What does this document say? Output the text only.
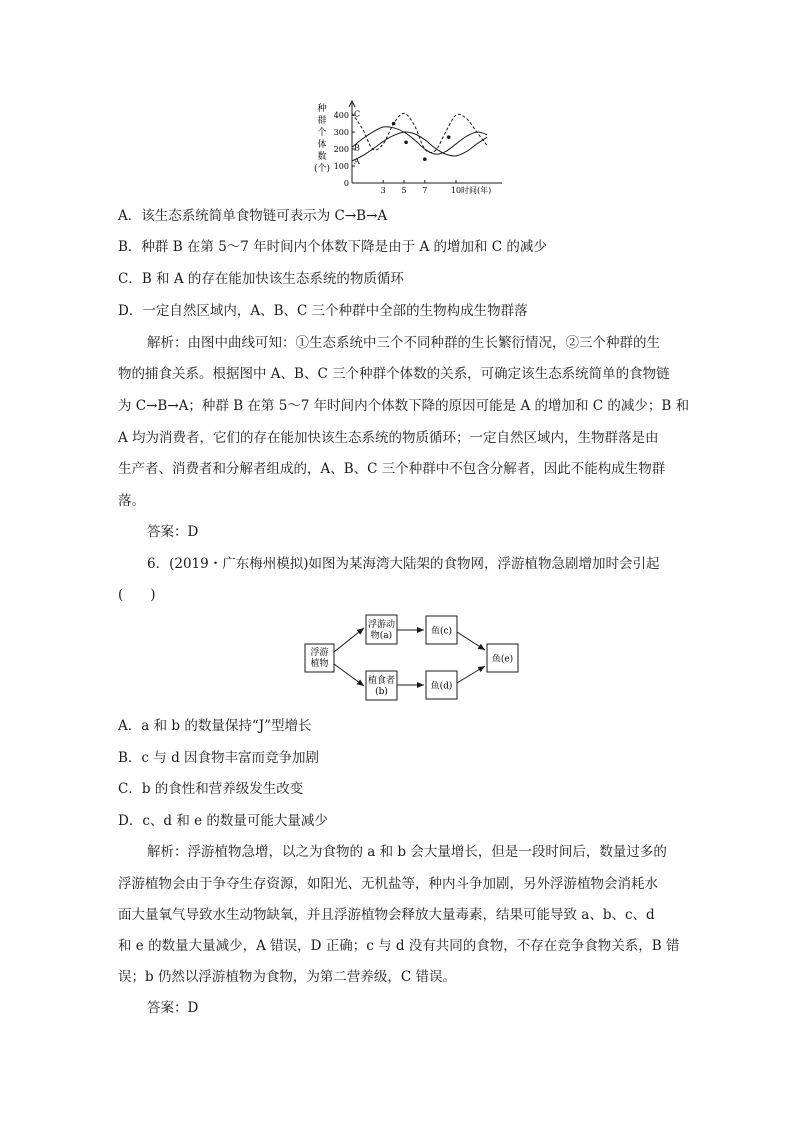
种
群
个
体
数
(个)
A
B
C
400
300
200
100
0
3 5 7	10 时间(年)
A．该生态系统简单食物链可表示为 C→B→A
B．种群 B 在第 5～7 年时间内个体数下降是由于 A 的增加和 C 的减少
C．B 和 A 的存在能加快该生态系统的物质循环
D．一定自然区域内，A、B、C 三个种群中全部的生物构成生物群落
解析：由图中曲线可知：①生态系统中三个不同种群的生长繁衍情况，②三个种群的生
物的捕食关系。根据图中 A、B、C 三个种群个体数的关系，可确定该生态系统简单的食物链
为 C→B→A；种群 B 在第 5～7 年时间内个体数下降的原因可能是 A 的增加和 C 的减少；B 和
A 均为消费者，它们的存在能加快该生态系统的物质循环；一定自然区域内，生物群落是由
生产者、消费者和分解者组成的，A、B、C 三个种群中不包含分解者，因此不能构成生物群
落。
答案：D
6．(2019・广东梅州模拟)如图为某海湾大陆架的食物网，浮游植物急剧增加时会引起
(　　)
浮游
植物
浮游动
物(a)
植食者
(b)
鱼(c)
鱼(d)
鱼(e)
A．a 和 b 的数量保持“J”型增长
B．c 与 d 因食物丰富而竞争加剧
C．b 的食性和营养级发生改变
D．c、d 和 e 的数量可能大量减少
解析：浮游植物急增，以之为食物的 a 和 b 会大量增长，但是一段时间后，数量过多的
浮游植物会由于争夺生存资源，如阳光、无机盐等，种内斗争加剧，另外浮游植物会消耗水
面大量氧气导致水生动物缺氧，并且浮游植物会释放大量毒素，结果可能导致 a、b、c、d
和 e 的数量大量减少，A 错误，D 正确；c 与 d 没有共同的食物，不存在竞争食物关系，B 错
误；b 仍然以浮游植物为食物，为第二营养级，C 错误。
答案：D
